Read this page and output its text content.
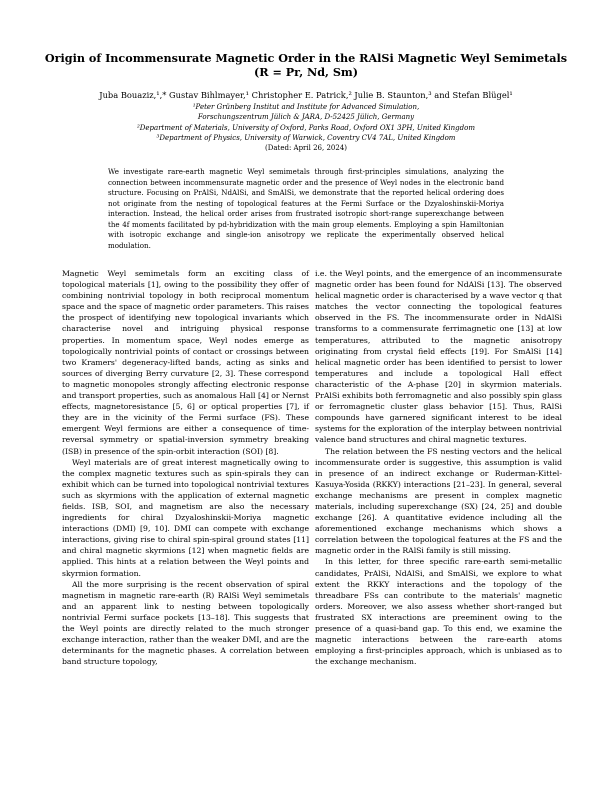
Origin of Incommensurate Magnetic Order in the RAlSi Magnetic Weyl Semimetals
(R = Pr, Nd, Sm)
Juba Bouaziz,¹,* Gustav Bihlmayer,¹ Christopher E. Patrick,² Julie B. Staunton,³ and Stefan Blügel¹
¹Peter Grünberg Institut and Institute for Advanced Simulation,
Forschungszentrum Jülich & JARA, D-52425 Jülich, Germany
²Department of Materials, University of Oxford, Parks Road, Oxford OX1 3PH, United Kingdom
³Department of Physics, University of Warwick, Coventry CV4 7AL, United Kingdom
(Dated: April 26, 2024)
We investigate rare-earth magnetic Weyl semimetals through first-principles simulations, analyzing the connection between incommensurate magnetic order and the presence of Weyl nodes in the electronic band structure. Focusing on PrAlSi, NdAlSi, and SmAlSi, we demonstrate that the reported helical ordering does not originate from the nesting of topological features at the Fermi Surface or the Dzyaloshinskii-Moriya interaction. Instead, the helical order arises from frustrated isotropic short-range superexchange between the 4f moments facilitated by pd-hybridization with the main group elements. Employing a spin Hamiltonian with isotropic exchange and single-ion anisotropy we replicate the experimentally observed helical modulation.

Magnetic Weyl semimetals form an exciting class of topological materials [1], owing to the possibility they offer of combining nontrivial topology in both reciprocal momentum space and the space of magnetic order parameters. This raises the prospect of identifying new topological invariants which characterise novel and intriguing physical response properties. In momentum space, Weyl nodes emerge as topologically nontrivial points of contact or crossings between two Kramers' degeneracy-lifted bands, acting as sinks and sources of diverging Berry curvature [2, 3]. These correspond to magnetic monopoles strongly affecting electronic response and transport properties, such as anomalous Hall [4] or Nernst effects, magnetoresistance [5, 6] or optical properties [7], if they are in the vicinity of the Fermi surface (FS). These emergent Weyl fermions are either a consequence of time-reversal symmetry or spatial-inversion symmetry breaking (ISB) in presence of the spin-orbit interaction (SOI) [8].

Weyl materials are of great interest magnetically owing to the complex magnetic textures such as spin-spirals they can exhibit which can be turned into topological nontrivial textures such as skyrmions with the application of external magnetic fields. ISB, SOI, and magnetism are also the necessary ingredients for chiral Dzyaloshinskii-Moriya magnetic interactions (DMI) [9, 10]. DMI can compete with exchange interactions, giving rise to chiral spin-spiral ground states [11] and chiral magnetic skyrmions [12] when magnetic fields are applied. This hints at a relation between the Weyl points and skyrmion formation.

All the more surprising is the recent observation of spiral magnetism in magnetic rare-earth (R) RAlSi Weyl semimetals and an apparent link to nesting between topologically nontrivial Fermi surface pockets [13–18]. This suggests that the Weyl points are directly related to the much stronger exchange interaction, rather than the weaker DMI, and are the determinants for the magnetic phases. A correlation between band structure topology,

i.e. the Weyl points, and the emergence of an incommensurate magnetic order has been found for NdAlSi [13]. The observed helical magnetic order is characterised by a wave vector q that matches the vector connecting the topological features observed in the FS. The incommensurate order in NdAlSi transforms to a commensurate ferrimagnetic one [13] at low temperatures, attributed to the magnetic anisotropy originating from crystal field effects [19]. For SmAlSi [14] helical magnetic order has been identified to persist to lower temperatures and include a topological Hall effect characteristic of the A-phase [20] in skyrmion materials. PrAlSi exhibits both ferromagnetic and also possibly spin glass or ferromagnetic cluster glass behavior [15]. Thus, RAlSi compounds have garnered significant interest to be ideal systems for the exploration of the interplay between nontrivial valence band structures and chiral magnetic textures.

The relation between the FS nesting vectors and the helical incommensurate order is suggestive, this assumption is valid in presence of an indirect exchange or Ruderman-Kittel-Kasuya-Yosida (RKKY) interactions [21–23]. In general, several exchange mechanisms are present in complex magnetic materials, including superexchange (SX) [24, 25] and double exchange [26]. A quantitative evidence including all the aforementioned exchange mechanisms which shows a correlation between the topological features at the FS and the magnetic order in the RAlSi family is still missing.

In this letter, for three specific rare-earth semi-metallic candidates, PrAlSi, NdAlSi, and SmAlSi, we explore to what extent the RKKY interactions and the topology of the threadbare FSs can contribute to the materials' magnetic orders. Moreover, we also assess whether short-ranged but frustrated SX interactions are preeminent owing to the presence of a quasi-band gap. To this end, we examine the magnetic interactions between the rare-earth atoms employing a first-principles approach, which is unbiased as to the exchange mechanism.
